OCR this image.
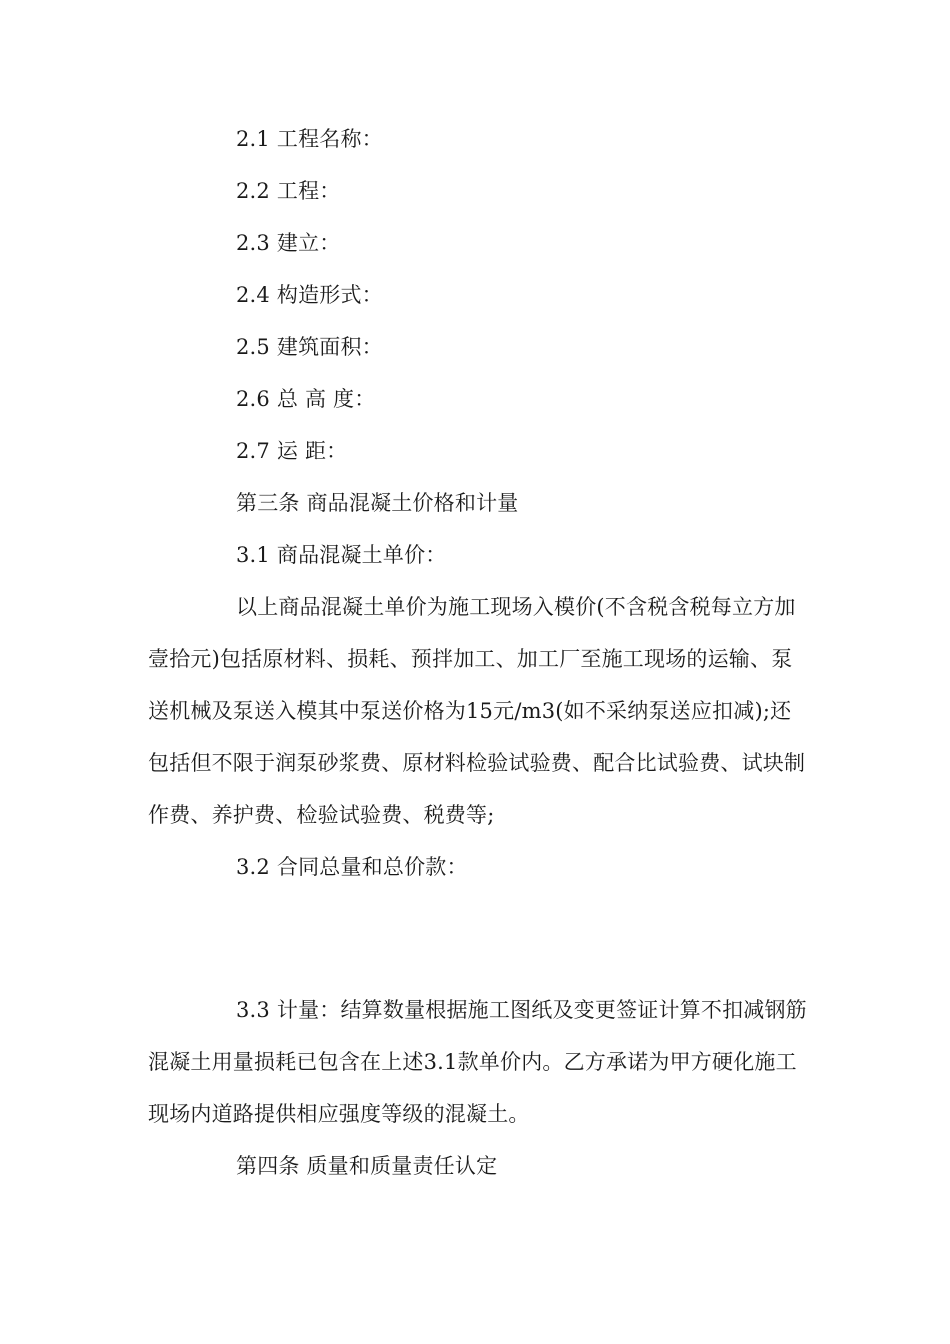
2.1 工程名称：

2.2 工程：

2.3 建立：

2.4 构造形式：

2.5 建筑面积：

2.6 总 高 度：

2.7 运 距：

第三条 商品混凝土价格和计量

3.1 商品混凝土单价：

以上商品混凝土单价为施工现场入模价(不含税含税每立方加壹拾元)包括原材料、损耗、预拌加工、加工厂至施工现场的运输、泵送机械及泵送入模其中泵送价格为15元/m3(如不采纳泵送应扣减);还包括但不限于润泵砂浆费、原材料检验试验费、配合比试验费、试块制作费、养护费、检验试验费、税费等;

3.2 合同总量和总价款：

3.3 计量：结算数量根据施工图纸及变更签证计算不扣减钢筋混凝土用量损耗已包含在上述3.1款单价内。乙方承诺为甲方硬化施工现场内道路提供相应强度等级的混凝土。

第四条 质量和质量责任认定
